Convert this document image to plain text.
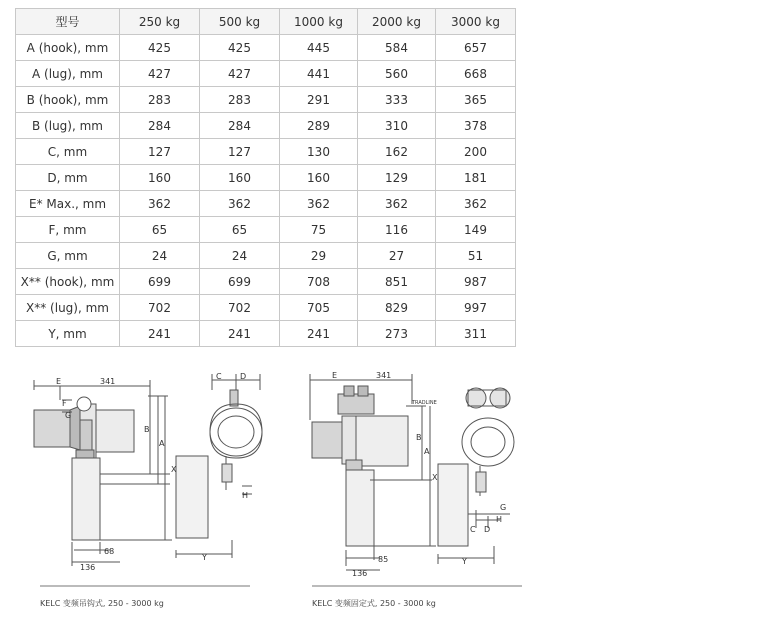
型号	250 kg	500 kg	1000 kg	2000 kg	3000 kg
A (hook), mm	425	425	445	584	657
A (lug), mm	427	427	441	560	668
B (hook), mm	283	283	291	333	365
B (lug), mm	284	284	289	310	378
C, mm	127	127	130	162	200
D, mm	160	160	160	129	181
E* Max., mm	362	362	362	362	362
F, mm	65	65	75	116	149
G, mm	24	24	29	27	51
X** (hook), mm	699	699	708	851	987
X** (lug), mm	702	702	705	829	997
Y, mm	241	241	241	273	311
E	341
F
G
B
A
X
C D
H
Y
68
136
E	341
TRADLINE
B
A
X
G
H
C D
Y
85
136
KELC 变频吊钩式, 250 - 3000 kg	KELC 变频固定式, 250 - 3000 kg
